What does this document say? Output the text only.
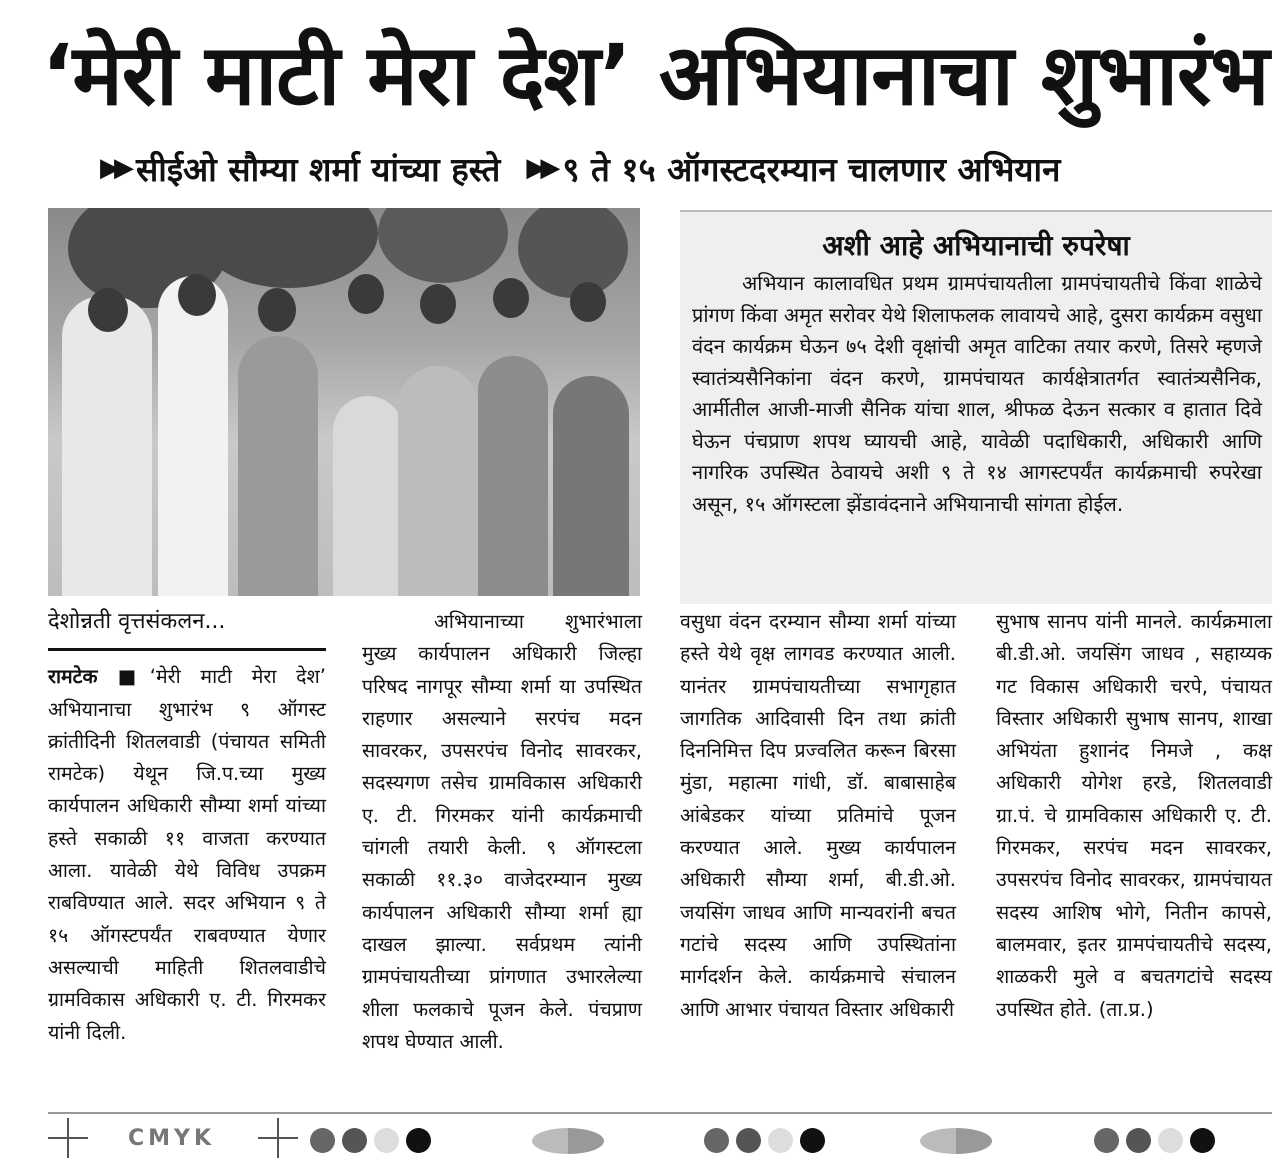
‘मेरी माटी मेरा देश’ अभियानाचा शुभारंभ
▶▶ सीईओ सौम्या शर्मा यांच्या हस्ते ▶▶ ९ ते १५ ऑगस्टदरम्यान चालणार अभियान
अशी आहे अभियानाची रुपरेषा

अभियान कालावधित प्रथम ग्रामपंचायतीला ग्रामपंचायतीचे किंवा शाळेचे प्रांगण किंवा अमृत सरोवर येथे शिलाफलक लावायचे आहे, दुसरा कार्यक्रम वसुधा वंदन कार्यक्रम घेऊन ७५ देशी वृक्षांची अमृत वाटिका तयार करणे, तिसरे म्हणजे स्वातंत्र्यसैनिकांना वंदन करणे, ग्रामपंचायत कार्यक्षेत्रातर्गत स्वातंत्र्यसैनिक, आर्मीतील आजी-माजी सैनिक यांचा शाल, श्रीफळ देऊन सत्कार व हातात दिवे घेऊन पंचप्राण शपथ घ्यायची आहे, यावेळी पदाधिकारी, अधिकारी आणि नागरिक उपस्थित ठेवायचे अशी ९ ते १४ आगस्टपर्यंत कार्यक्रमाची रुपरेखा असून, १५ ऑगस्टला झेंडावंदनाने अभियानाची सांगता होईल.

देशोन्नती वृत्तसंकलन...

रामटेक ■‘मेरी माटी मेरा देश’ अभियानाचा शुभारंभ ९ ऑगस्ट क्रांतीदिनी शितलवाडी (पंचायत समिती रामटेक) येथून जि.प.च्या मुख्य कार्यपालन अधिकारी सौम्या शर्मा यांच्या हस्ते सकाळी ११ वाजता करण्यात आला. यावेळी येथे विविध उपक्रम राबविण्यात आले. सदर अभियान ९ ते १५ ऑगस्टपर्यंत राबवण्यात येणार असल्याची माहिती शितलवाडीचे ग्रामविकास अधिकारी ए. टी. गिरमकर यांनी दिली.

अभियानाच्या शुभारंभाला मुख्य कार्यपालन अधिकारी जिल्हा परिषद नागपूर सौम्या शर्मा या उपस्थित राहणार असल्याने सरपंच मदन सावरकर, उपसरपंच विनोद सावरकर, सदस्यगण तसेच ग्रामविकास अधिकारी ए. टी. गिरमकर यांनी कार्यक्रमाची चांगली तयारी केली. ९ ऑगस्टला सकाळी ११.३० वाजेदरम्यान मुख्य कार्यपालन अधिकारी सौम्या शर्मा ह्या दाखल झाल्या. सर्वप्रथम त्यांनी ग्रामपंचायतीच्या प्रांगणात उभारलेल्या शीला फलकाचे पूजन केले. पंचप्राण शपथ घेण्यात आली.

वसुधा वंदन दरम्यान सौम्या शर्मा यांच्या हस्ते येथे वृक्ष लागवड करण्यात आली. यानंतर ग्रामपंचायतीच्या सभागृहात जागतिक आदिवासी दिन तथा क्रांती दिननिमित्त दिप प्रज्वलित करून बिरसा मुंडा, महात्मा गांधी, डॉ. बाबासाहेब आंबेडकर यांच्या प्रतिमांचे पूजन करण्यात आले. मुख्य कार्यपालन अधिकारी सौम्या शर्मा, बी.डी.ओ. जयसिंग जाधव आणि मान्यवरांनी बचत गटांचे सदस्य आणि उपस्थितांना मार्गदर्शन केले. कार्यक्रमाचे संचालन आणि आभार पंचायत विस्तार अधिकारी

सुभाष सानप यांनी मानले. कार्यक्रमाला बी.डी.ओ. जयसिंग जाधव , सहाय्यक गट विकास अधिकारी चरपे, पंचायत विस्तार अधिकारी सुभाष सानप, शाखा अभियंता हुशानंद निमजे , कक्ष अधिकारी योगेश हरडे, शितलवाडी ग्रा.पं. चे ग्रामविकास अधिकारी ए. टी. गिरमकर, सरपंच मदन सावरकर, उपसरपंच विनोद सावरकर, ग्रामपंचायत सदस्य आशिष भोगे, नितीन कापसे, बालमवार, इतर ग्रामपंचायतीचे सदस्य, शाळकरी मुले व बचतगटांचे सदस्य उपस्थित होते. (ता.प्र.)

CMYK
